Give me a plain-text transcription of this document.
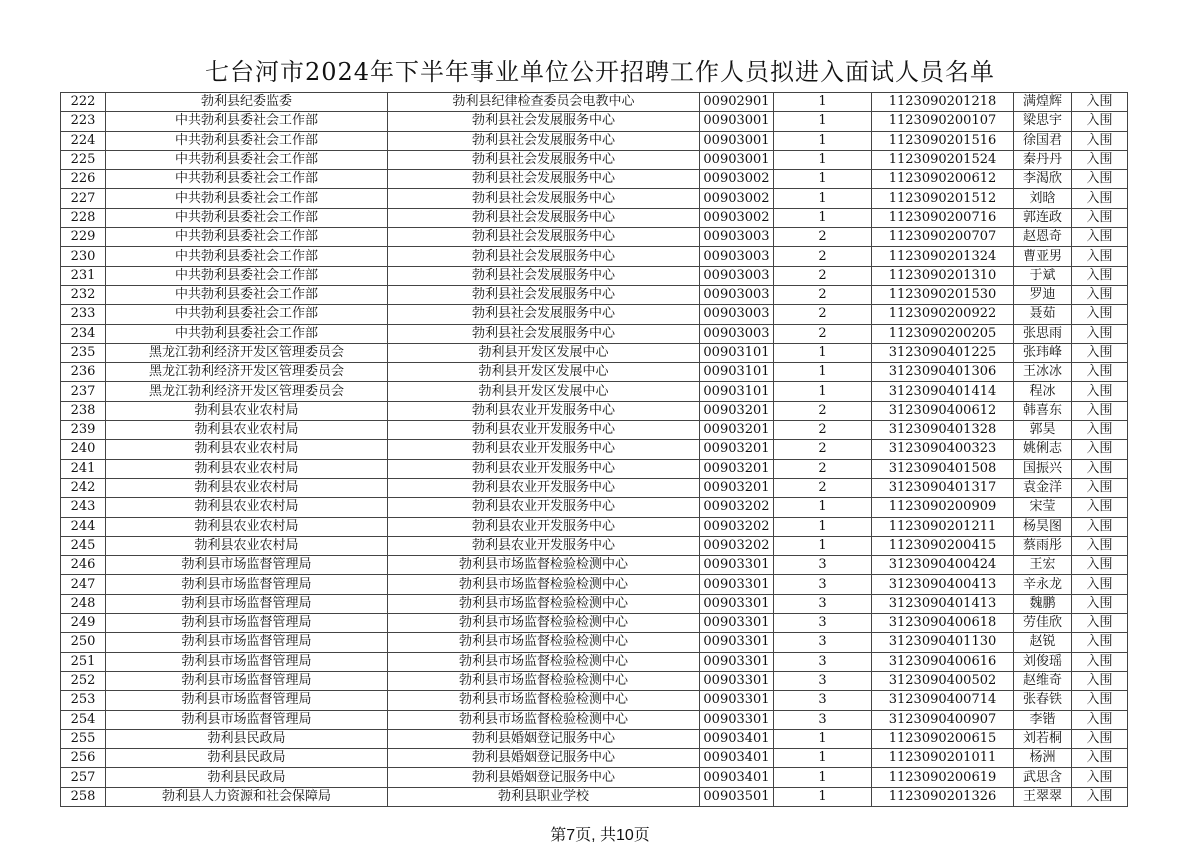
七台河市2024年下半年事业单位公开招聘工作人员拟进入面试人员名单
222	勃利县纪委监委	勃利县纪律检查委员会电教中心	00902901	1	1123090201218	满煌辉	入围
223	中共勃利县委社会工作部	勃利县社会发展服务中心	00903001	1	1123090200107	梁思宇	入围
224	中共勃利县委社会工作部	勃利县社会发展服务中心	00903001	1	1123090201516	徐国君	入围
225	中共勃利县委社会工作部	勃利县社会发展服务中心	00903001	1	1123090201524	秦丹丹	入围
226	中共勃利县委社会工作部	勃利县社会发展服务中心	00903002	1	1123090200612	李渴欣	入围
227	中共勃利县委社会工作部	勃利县社会发展服务中心	00903002	1	1123090201512	刘晗	入围
228	中共勃利县委社会工作部	勃利县社会发展服务中心	00903002	1	1123090200716	郭连政	入围
229	中共勃利县委社会工作部	勃利县社会发展服务中心	00903003	2	1123090200707	赵恩奇	入围
230	中共勃利县委社会工作部	勃利县社会发展服务中心	00903003	2	1123090201324	曹亚男	入围
231	中共勃利县委社会工作部	勃利县社会发展服务中心	00903003	2	1123090201310	于斌	入围
232	中共勃利县委社会工作部	勃利县社会发展服务中心	00903003	2	1123090201530	罗迪	入围
233	中共勃利县委社会工作部	勃利县社会发展服务中心	00903003	2	1123090200922	聂茹	入围
234	中共勃利县委社会工作部	勃利县社会发展服务中心	00903003	2	1123090200205	张思雨	入围
235	黑龙江勃利经济开发区管理委员会	勃利县开发区发展中心	00903101	1	3123090401225	张玮峰	入围
236	黑龙江勃利经济开发区管理委员会	勃利县开发区发展中心	00903101	1	3123090401306	王冰冰	入围
237	黑龙江勃利经济开发区管理委员会	勃利县开发区发展中心	00903101	1	3123090401414	程冰	入围
238	勃利县农业农村局	勃利县农业开发服务中心	00903201	2	3123090400612	韩喜东	入围
239	勃利县农业农村局	勃利县农业开发服务中心	00903201	2	3123090401328	郭昊	入围
240	勃利县农业农村局	勃利县农业开发服务中心	00903201	2	3123090400323	姚俐志	入围
241	勃利县农业农村局	勃利县农业开发服务中心	00903201	2	3123090401508	国振兴	入围
242	勃利县农业农村局	勃利县农业开发服务中心	00903201	2	3123090401317	袁金洋	入围
243	勃利县农业农村局	勃利县农业开发服务中心	00903202	1	1123090200909	宋莹	入围
244	勃利县农业农村局	勃利县农业开发服务中心	00903202	1	1123090201211	杨昊图	入围
245	勃利县农业农村局	勃利县农业开发服务中心	00903202	1	1123090200415	蔡雨彤	入围
246	勃利县市场监督管理局	勃利县市场监督检验检测中心	00903301	3	3123090400424	王宏	入围
247	勃利县市场监督管理局	勃利县市场监督检验检测中心	00903301	3	3123090400413	辛永龙	入围
248	勃利县市场监督管理局	勃利县市场监督检验检测中心	00903301	3	3123090401413	魏鹏	入围
249	勃利县市场监督管理局	勃利县市场监督检验检测中心	00903301	3	3123090400618	劳佳欣	入围
250	勃利县市场监督管理局	勃利县市场监督检验检测中心	00903301	3	3123090401130	赵锐	入围
251	勃利县市场监督管理局	勃利县市场监督检验检测中心	00903301	3	3123090400616	刘俊瑶	入围
252	勃利县市场监督管理局	勃利县市场监督检验检测中心	00903301	3	3123090400502	赵维奇	入围
253	勃利县市场监督管理局	勃利县市场监督检验检测中心	00903301	3	3123090400714	张春铁	入围
254	勃利县市场监督管理局	勃利县市场监督检验检测中心	00903301	3	3123090400907	李锴	入围
255	勃利县民政局	勃利县婚姻登记服务中心	00903401	1	1123090200615	刘若桐	入围
256	勃利县民政局	勃利县婚姻登记服务中心	00903401	1	1123090201011	杨洲	入围
257	勃利县民政局	勃利县婚姻登记服务中心	00903401	1	1123090200619	武思含	入围
258	勃利县人力资源和社会保障局	勃利县职业学校	00903501	1	1123090201326	王翠翠	入围
第7页, 共10页
